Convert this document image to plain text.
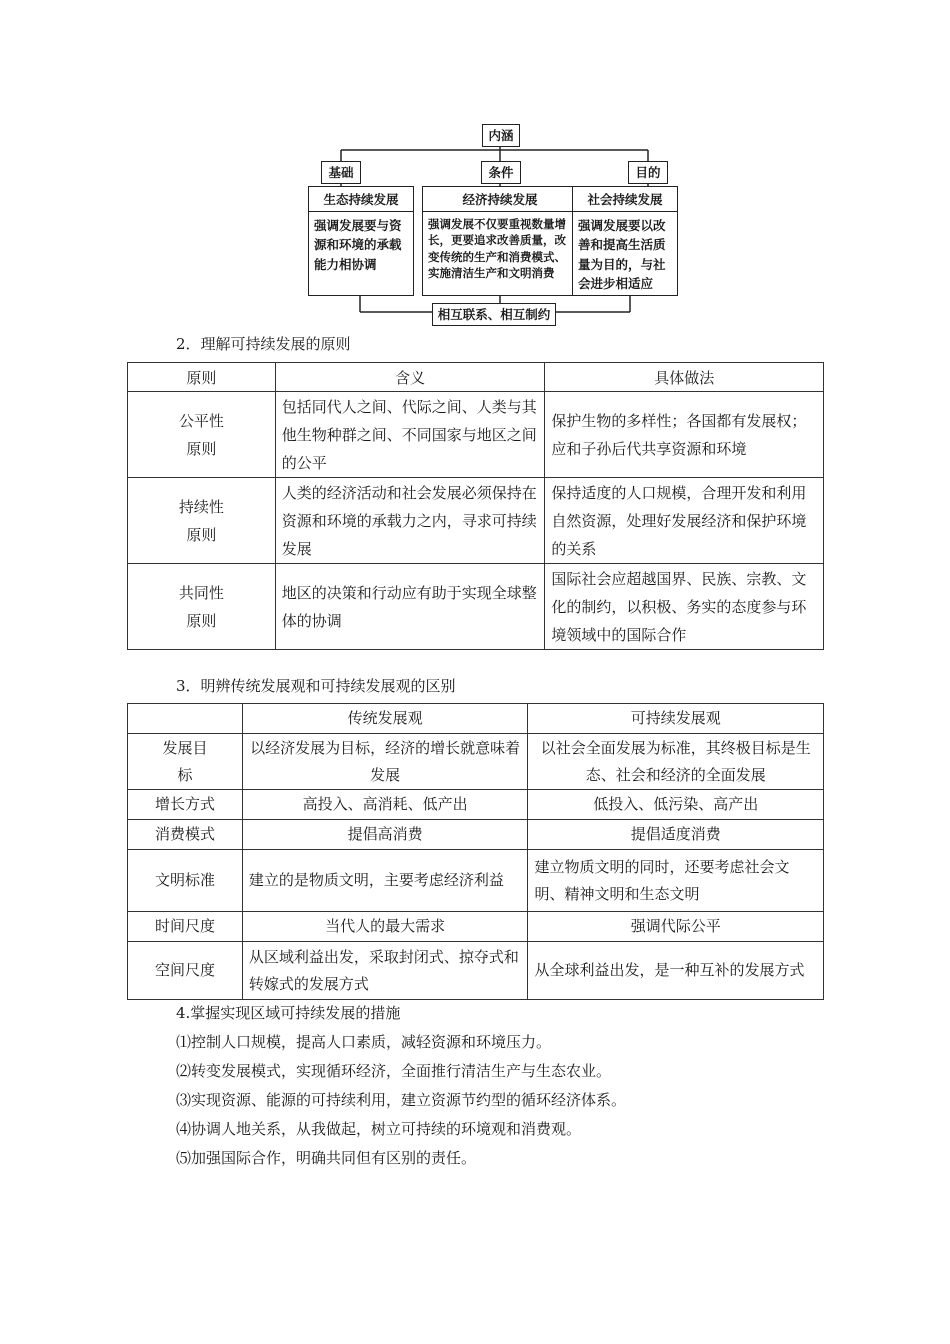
内涵
基础	条件	目的
生态持续发展
强调发展要与资源和环境的承载能力相协调
经济持续发展
强调发展不仅要重视数量增长，更要追求改善质量，改变传统的生产和消费模式、实施清洁生产和文明消费
社会持续发展
强调发展要以改善和提高生活质量为目的，与社会进步相适应
相互联系、相互制约
2．理解可持续发展的原则
原则	含义	具体做法

公平性
原则	包括同代人之间、代际之间、人类与其他生物种群之间、不同国家与地区之间的公平	保护生物的多样性；各国都有发展权；应和子孙后代共享资源和环境

持续性
原则	人类的经济活动和社会发展必须保持在资源和环境的承载力之内，寻求可持续发展	保持适度的人口规模，合理开发和利用自然资源，处理好发展经济和保护环境的关系

共同性
原则	地区的决策和行动应有助于实现全球整体的协调	国际社会应超越国界、民族、宗教、文化的制约，以积极、务实的态度参与环境领域中的国际合作
3．明辨传统发展观和可持续发展观的区别
	传统发展观	可持续发展观
发展目标	以经济发展为目标，经济的增长就意味着发展	以社会全面发展为标准，其终极目标是生态、社会和经济的全面发展
增长方式	高投入、高消耗、低产出	低投入、低污染、高产出
消费模式	提倡高消费	提倡适度消费
文明标准	建立的是物质文明，主要考虑经济利益	建立物质文明的同时，还要考虑社会文明、精神文明和生态文明
时间尺度	当代人的最大需求	强调代际公平
空间尺度	从区域利益出发，采取封闭式、掠夺式和转嫁式的发展方式	从全球利益出发，是一种互补的发展方式
4.掌握实现区域可持续发展的措施
⑴控制人口规模，提高人口素质，减轻资源和环境压力。
⑵转变发展模式，实现循环经济，全面推行清洁生产与生态农业。
⑶实现资源、能源的可持续利用，建立资源节约型的循环经济体系。
⑷协调人地关系，从我做起，树立可持续的环境观和消费观。
⑸加强国际合作，明确共同但有区别的责任。
